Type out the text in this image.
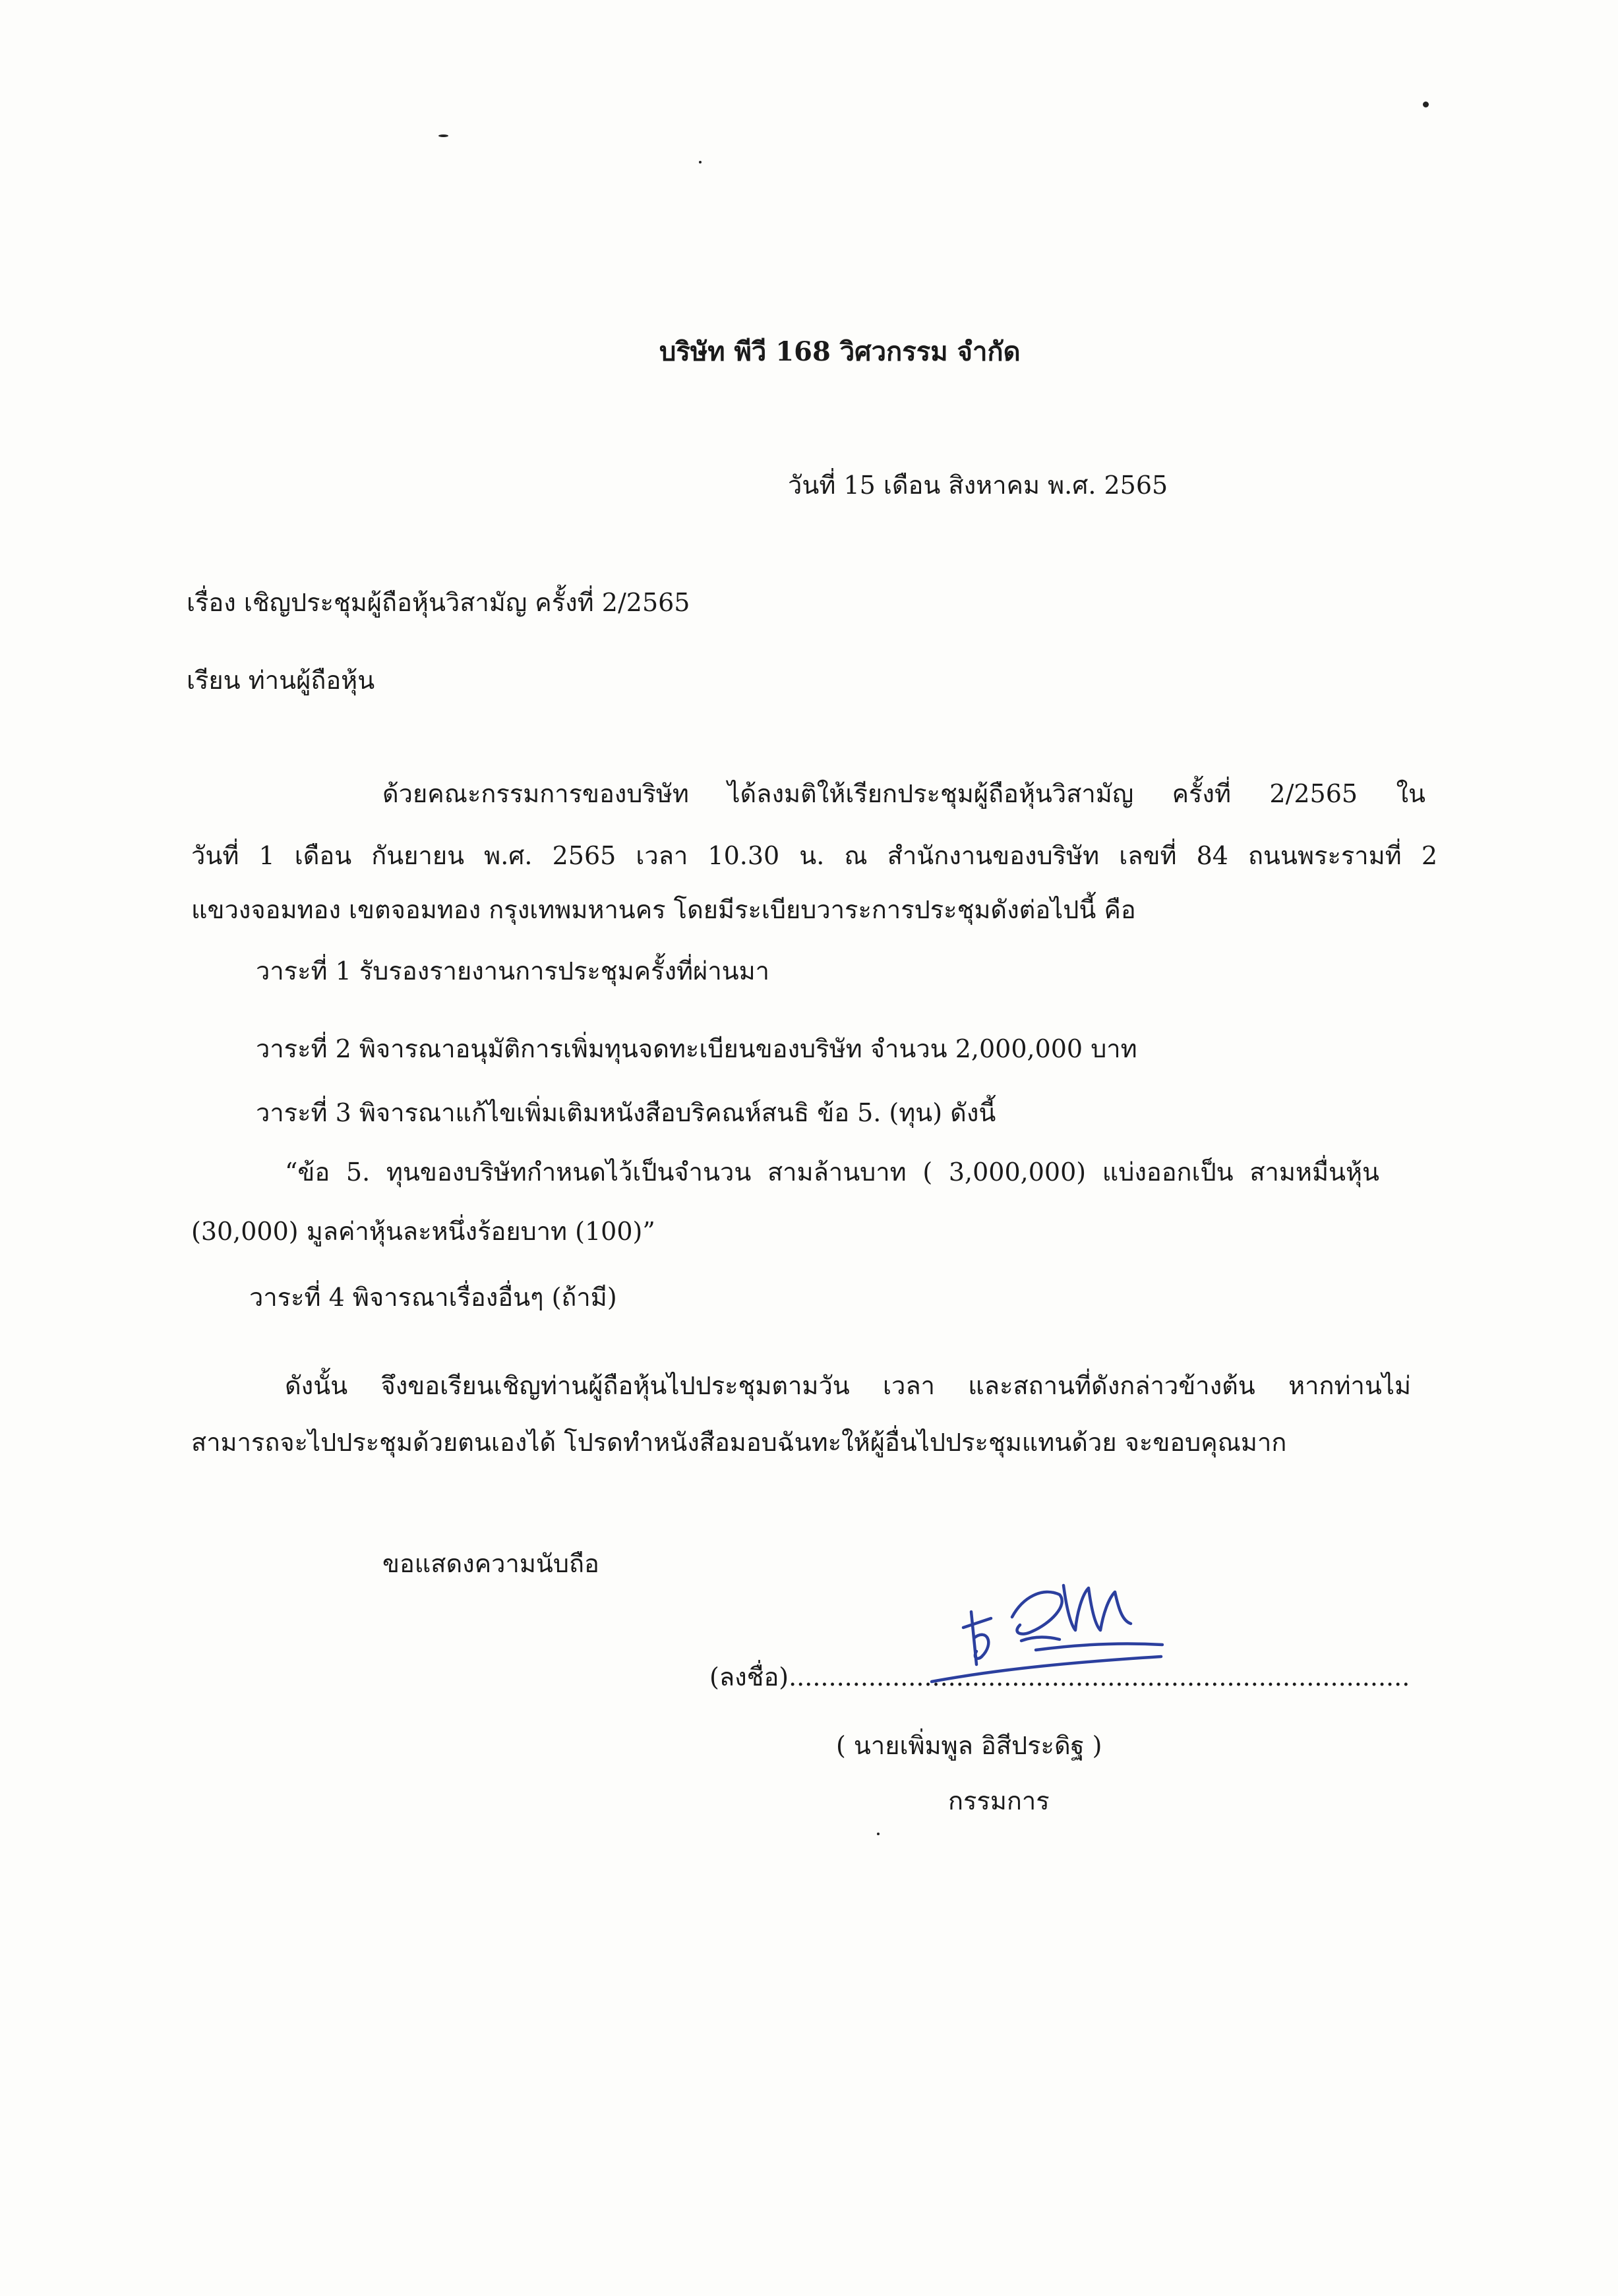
บริษัท พีวี 168 วิศวกรรม จำกัด
วันที่ 15 เดือน สิงหาคม พ.ศ. 2565
เรื่อง เชิญประชุมผู้ถือหุ้นวิสามัญ ครั้งที่ 2/2565
เรียน ท่านผู้ถือหุ้น
ด้วยคณะกรรมการของบริษัท ได้ลงมติให้เรียกประชุมผู้ถือหุ้นวิสามัญ ครั้งที่ 2/2565 ใน
วันที่ 1 เดือน กันยายน พ.ศ. 2565 เวลา 10.30 น. ณ สำนักงานของบริษัท เลขที่ 84 ถนนพระรามที่ 2
แขวงจอมทอง เขตจอมทอง กรุงเทพมหานคร โดยมีระเบียบวาระการประชุมดังต่อไปนี้ คือ
วาระที่ 1 รับรองรายงานการประชุมครั้งที่ผ่านมา
วาระที่ 2 พิจารณาอนุมัติการเพิ่มทุนจดทะเบียนของบริษัท จำนวน 2,000,000 บาท
วาระที่ 3 พิจารณาแก้ไขเพิ่มเติมหนังสือบริคณห์สนธิ ข้อ 5. (ทุน) ดังนี้
“ข้อ 5. ทุนของบริษัทกำหนดไว้เป็นจำนวน สามล้านบาท ( 3,000,000) แบ่งออกเป็น สามหมื่นหุ้น
(30,000) มูลค่าหุ้นละหนึ่งร้อยบาท (100)”
วาระที่ 4 พิจารณาเรื่องอื่นๆ (ถ้ามี)
ดังนั้น จึงขอเรียนเชิญท่านผู้ถือหุ้นไปประชุมตามวัน เวลา และสถานที่ดังกล่าวข้างต้น หากท่านไม่
สามารถจะไปประชุมด้วยตนเองได้ โปรดทำหนังสือมอบฉันทะให้ผู้อื่นไปประชุมแทนด้วย จะขอบคุณมาก
ขอแสดงความนับถือ
(ลงชื่อ)..............................................................................
( นายเพิ่มพูล อิสีประดิฐ )
กรรมการ
